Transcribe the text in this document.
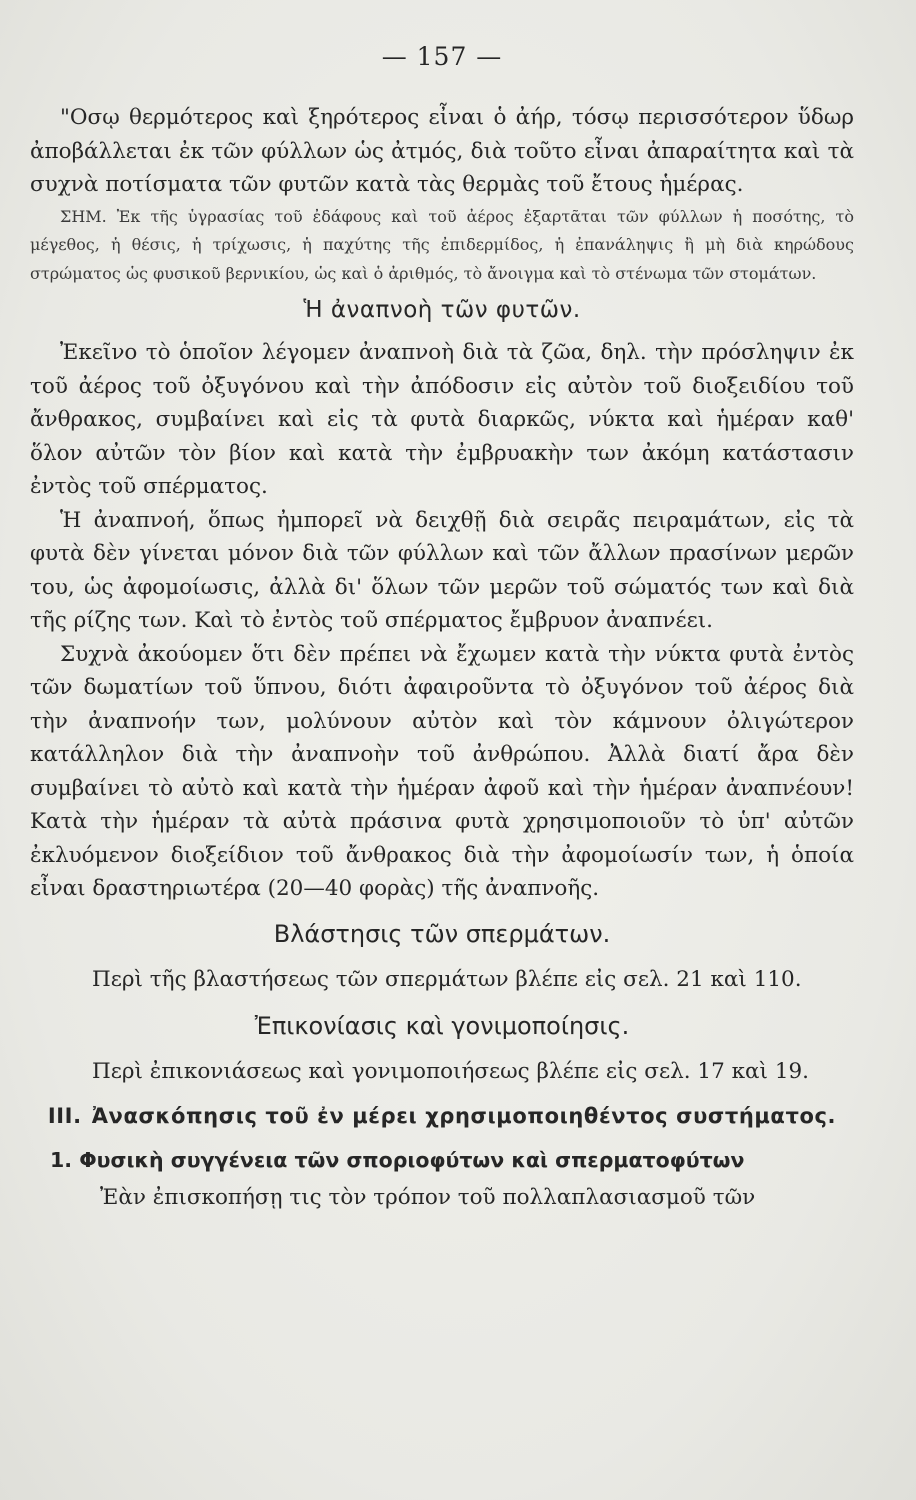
— 157 —

"Οσῳ θερμότερος καὶ ξηρότερος εἶναι ὁ ἀήρ, τόσῳ περισσότερον ὕδωρ ἀποβάλλεται ἐκ τῶν φύλλων ὡς ἀτμός, διὰ τοῦτο εἶναι ἀπαραίτητα καὶ τὰ συχνὰ ποτίσματα τῶν φυτῶν κατὰ τὰς θερμὰς τοῦ ἔτους ἡμέρας.

ΣΗΜ. Ἐκ τῆς ὑγρασίας τοῦ ἐδάφους καὶ τοῦ ἀέρος ἐξαρτᾶται τῶν φύλλων ἡ ποσότης, τὸ μέγεθος, ἡ θέσις, ἡ τρίχωσις, ἡ παχύτης τῆς ἐπιδερμίδος, ἡ ἐπανάληψις ἢ μὴ διὰ κηρώδους στρώματος ὡς φυσικοῦ βερνικίου, ὡς καὶ ὁ ἀριθμός, τὸ ἄνοιγμα καὶ τὸ στένωμα τῶν στομάτων.

Ἡ ἀναπνοὴ τῶν φυτῶν.

Ἐκεῖνο τὸ ὁποῖον λέγομεν ἀναπνοὴ διὰ τὰ ζῶα, δηλ. τὴν πρόσληψιν ἐκ τοῦ ἀέρος τοῦ ὀξυγόνου καὶ τὴν ἀπόδοσιν εἰς αὐτὸν τοῦ διοξειδίου τοῦ ἄνθρακος, συμβαίνει καὶ εἰς τὰ φυτὰ διαρκῶς, νύκτα καὶ ἡμέραν καθ' ὅλον αὐτῶν τὸν βίον καὶ κατὰ τὴν ἐμβρυακὴν των ἀκόμη κατάστασιν ἐντὸς τοῦ σπέρματος.

Ἡ ἀναπνοή, ὅπως ἠμπορεῖ νὰ δειχθῇ διὰ σειρᾶς πειραμάτων, εἰς τὰ φυτὰ δὲν γίνεται μόνον διὰ τῶν φύλλων καὶ τῶν ἄλλων πρασίνων μερῶν του, ὡς ἀφομοίωσις, ἀλλὰ δι' ὅλων τῶν μερῶν τοῦ σώματός των καὶ διὰ τῆς ρίζης των. Καὶ τὸ ἐντὸς τοῦ σπέρματος ἔμβρυον ἀναπνέει.

Συχνὰ ἀκούομεν ὅτι δὲν πρέπει νὰ ἔχωμεν κατὰ τὴν νύκτα φυτὰ ἐντὸς τῶν δωματίων τοῦ ὕπνου, διότι ἀφαιροῦντα τὸ ὀξυγόνον τοῦ ἀέρος διὰ τὴν ἀναπνοήν των, μολύνουν αὐτὸν καὶ τὸν κάμνουν ὀλιγώτερον κατάλληλον διὰ τὴν ἀναπνοὴν τοῦ ἀνθρώπου. Ἀλλὰ διατί ἄρα δὲν συμβαίνει τὸ αὐτὸ καὶ κατὰ τὴν ἡμέραν ἀφοῦ καὶ τὴν ἡμέραν ἀναπνέουν! Κατὰ τὴν ἡμέραν τὰ αὐτὰ πράσινα φυτὰ χρησιμοποιοῦν τὸ ὑπ' αὐτῶν ἐκλυόμενον διοξείδιον τοῦ ἄνθρακος διὰ τὴν ἀφομοίωσίν των, ἡ ὁποία εἶναι δραστηριωτέρα (20—40 φορὰς) τῆς ἀναπνοῆς.

Βλάστησις τῶν σπερμάτων.

Περὶ τῆς βλαστήσεως τῶν σπερμάτων βλέπε εἰς σελ. 21 καὶ 110.

Ἐπικονίασις καὶ γονιμοποίησις.

Περὶ ἐπικονιάσεως καὶ γονιμοποιήσεως βλέπε εἰς σελ. 17 καὶ 19.

III. Ἀνασκόπησις τοῦ ἐν μέρει χρησιμοποιηθέντος συστήματος.
1. Φυσικὴ συγγένεια τῶν σποριοφύτων καὶ σπερματοφύτων

Ἐὰν ἐπισκοπήσῃ τις τὸν τρόπον τοῦ πολλαπλασιασμοῦ τῶν
